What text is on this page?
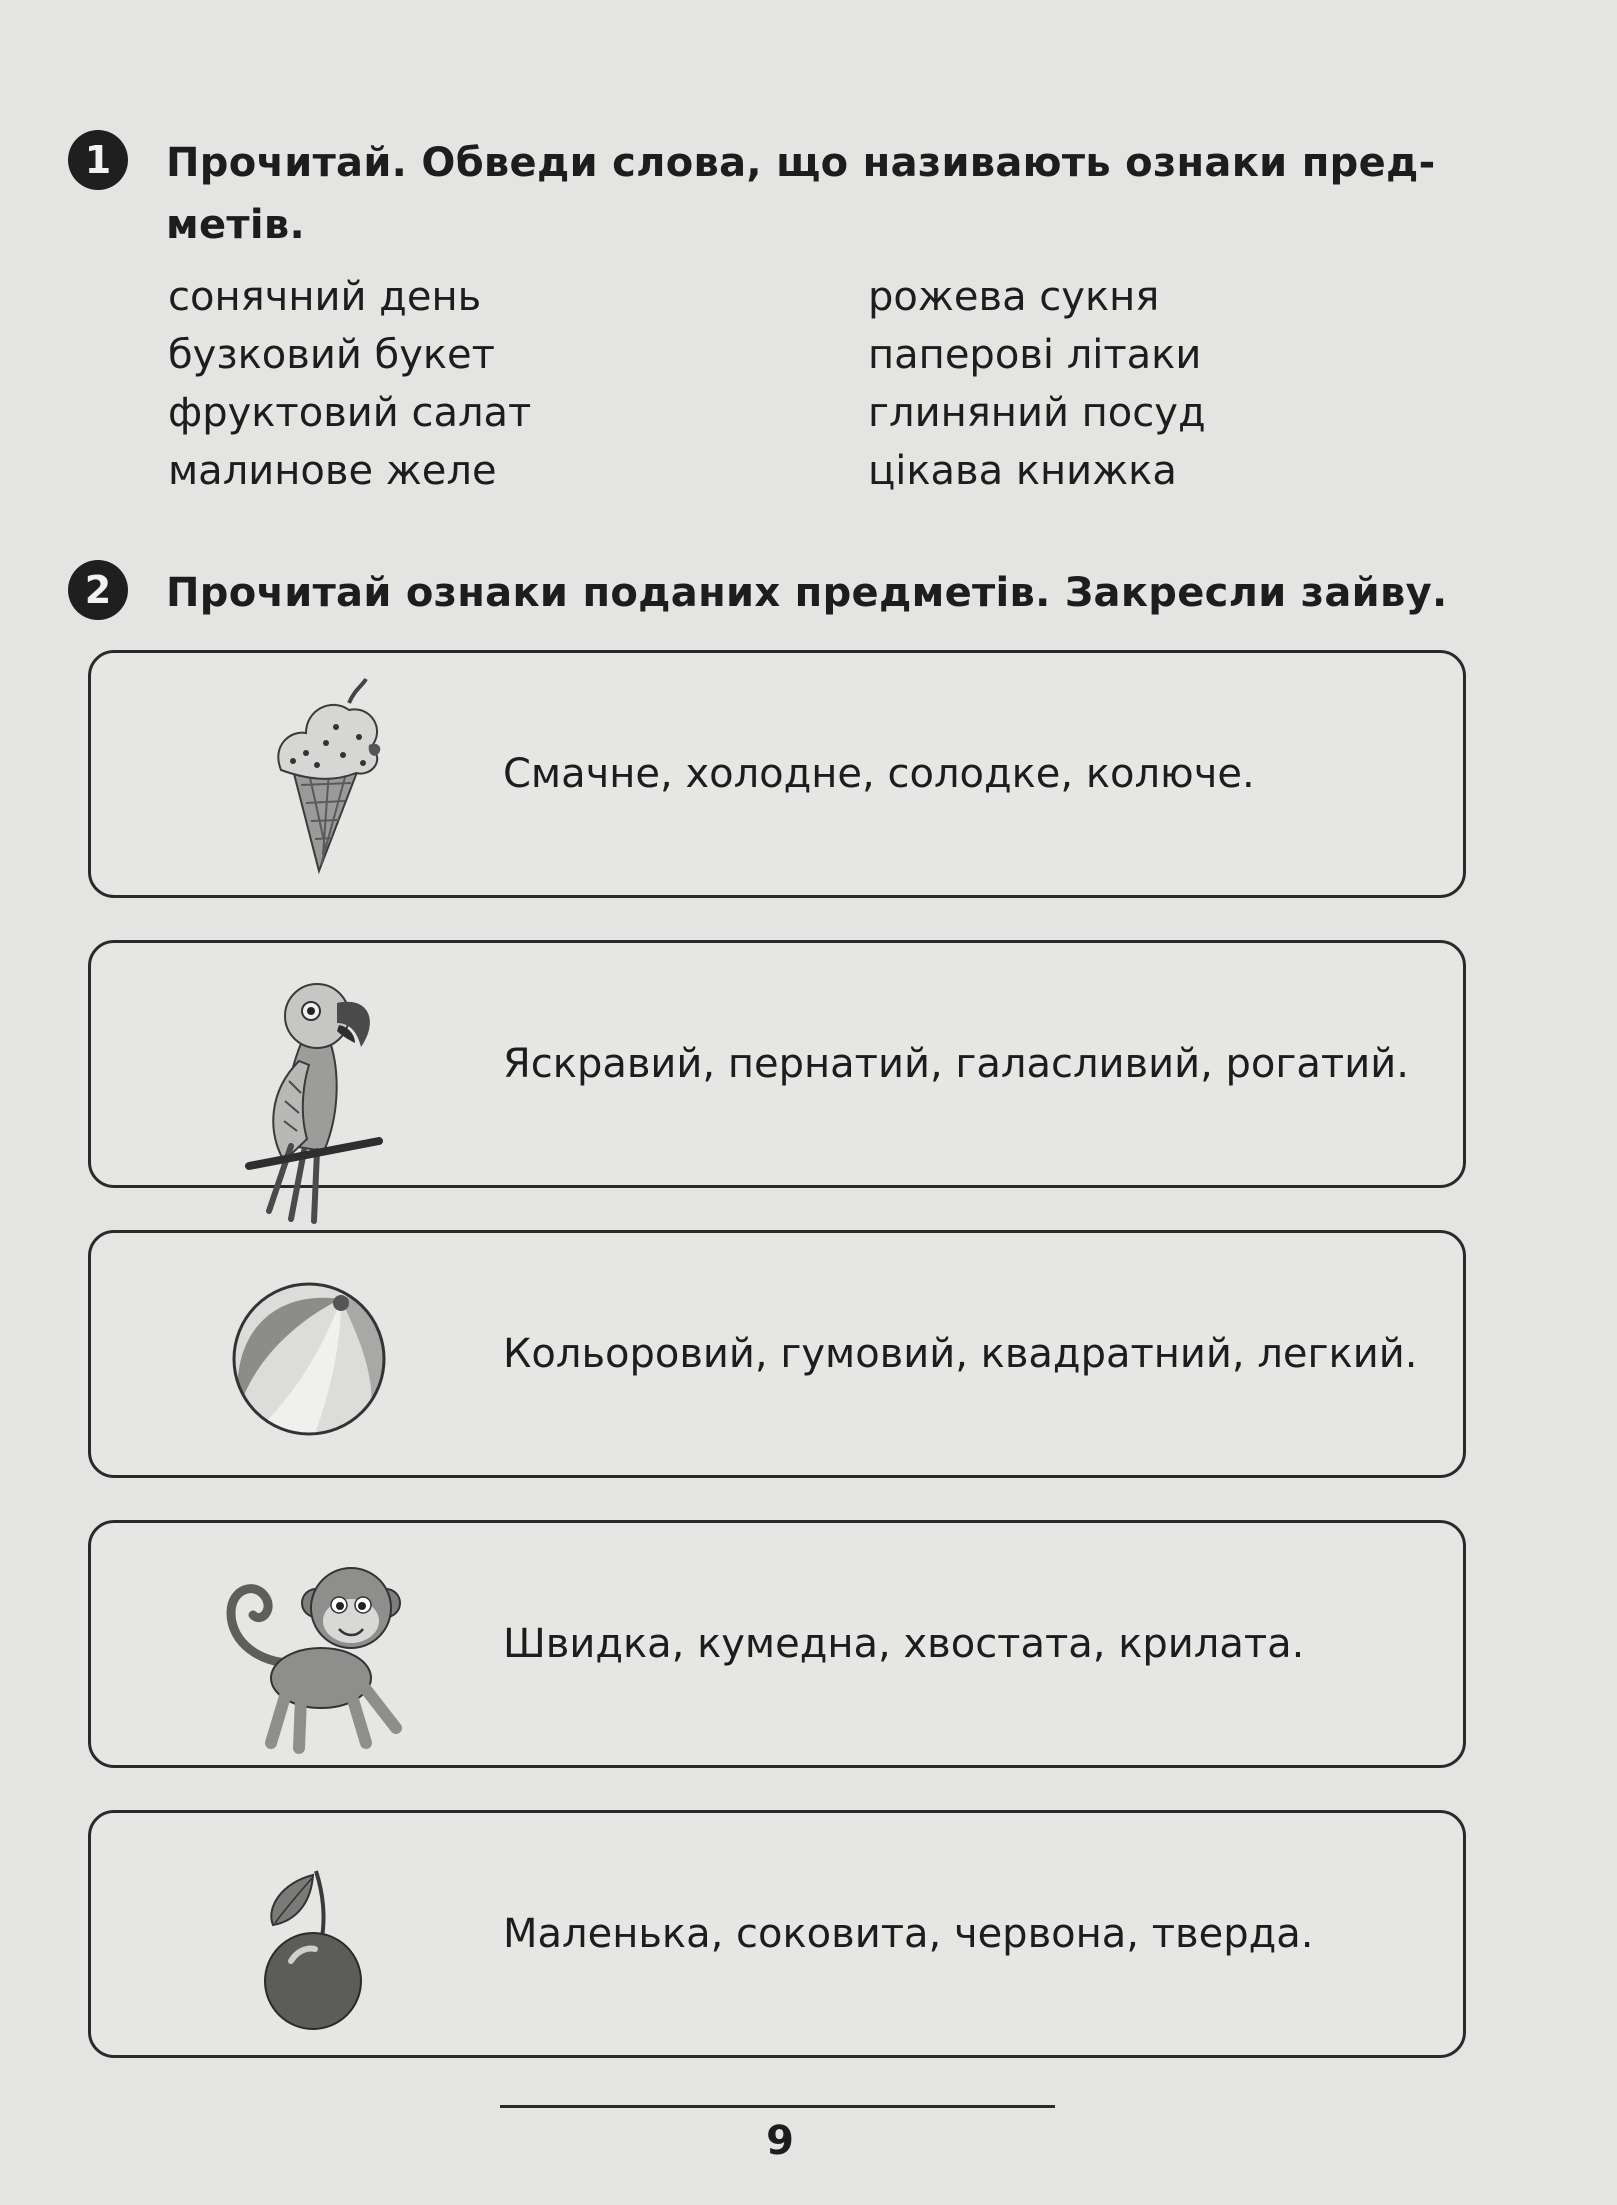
1	Прочитай. Обведи слова, що називають ознаки пред-метів.
сонячний день
бузковий букет
фруктовий салат
малинове желе
рожева сукня
паперові літаки
глиняний посуд
цікава книжка
2	Прочитай ознаки поданих предметів. Закресли зайву.
Смачне, холодне, солодке, колюче.
Яскравий, пернатий, галасливий, рогатий.
Кольоровий, гумовий, квадратний, легкий.
Швидка, кумедна, хвостата, крилата.
Маленька, соковита, червона, тверда.
9
